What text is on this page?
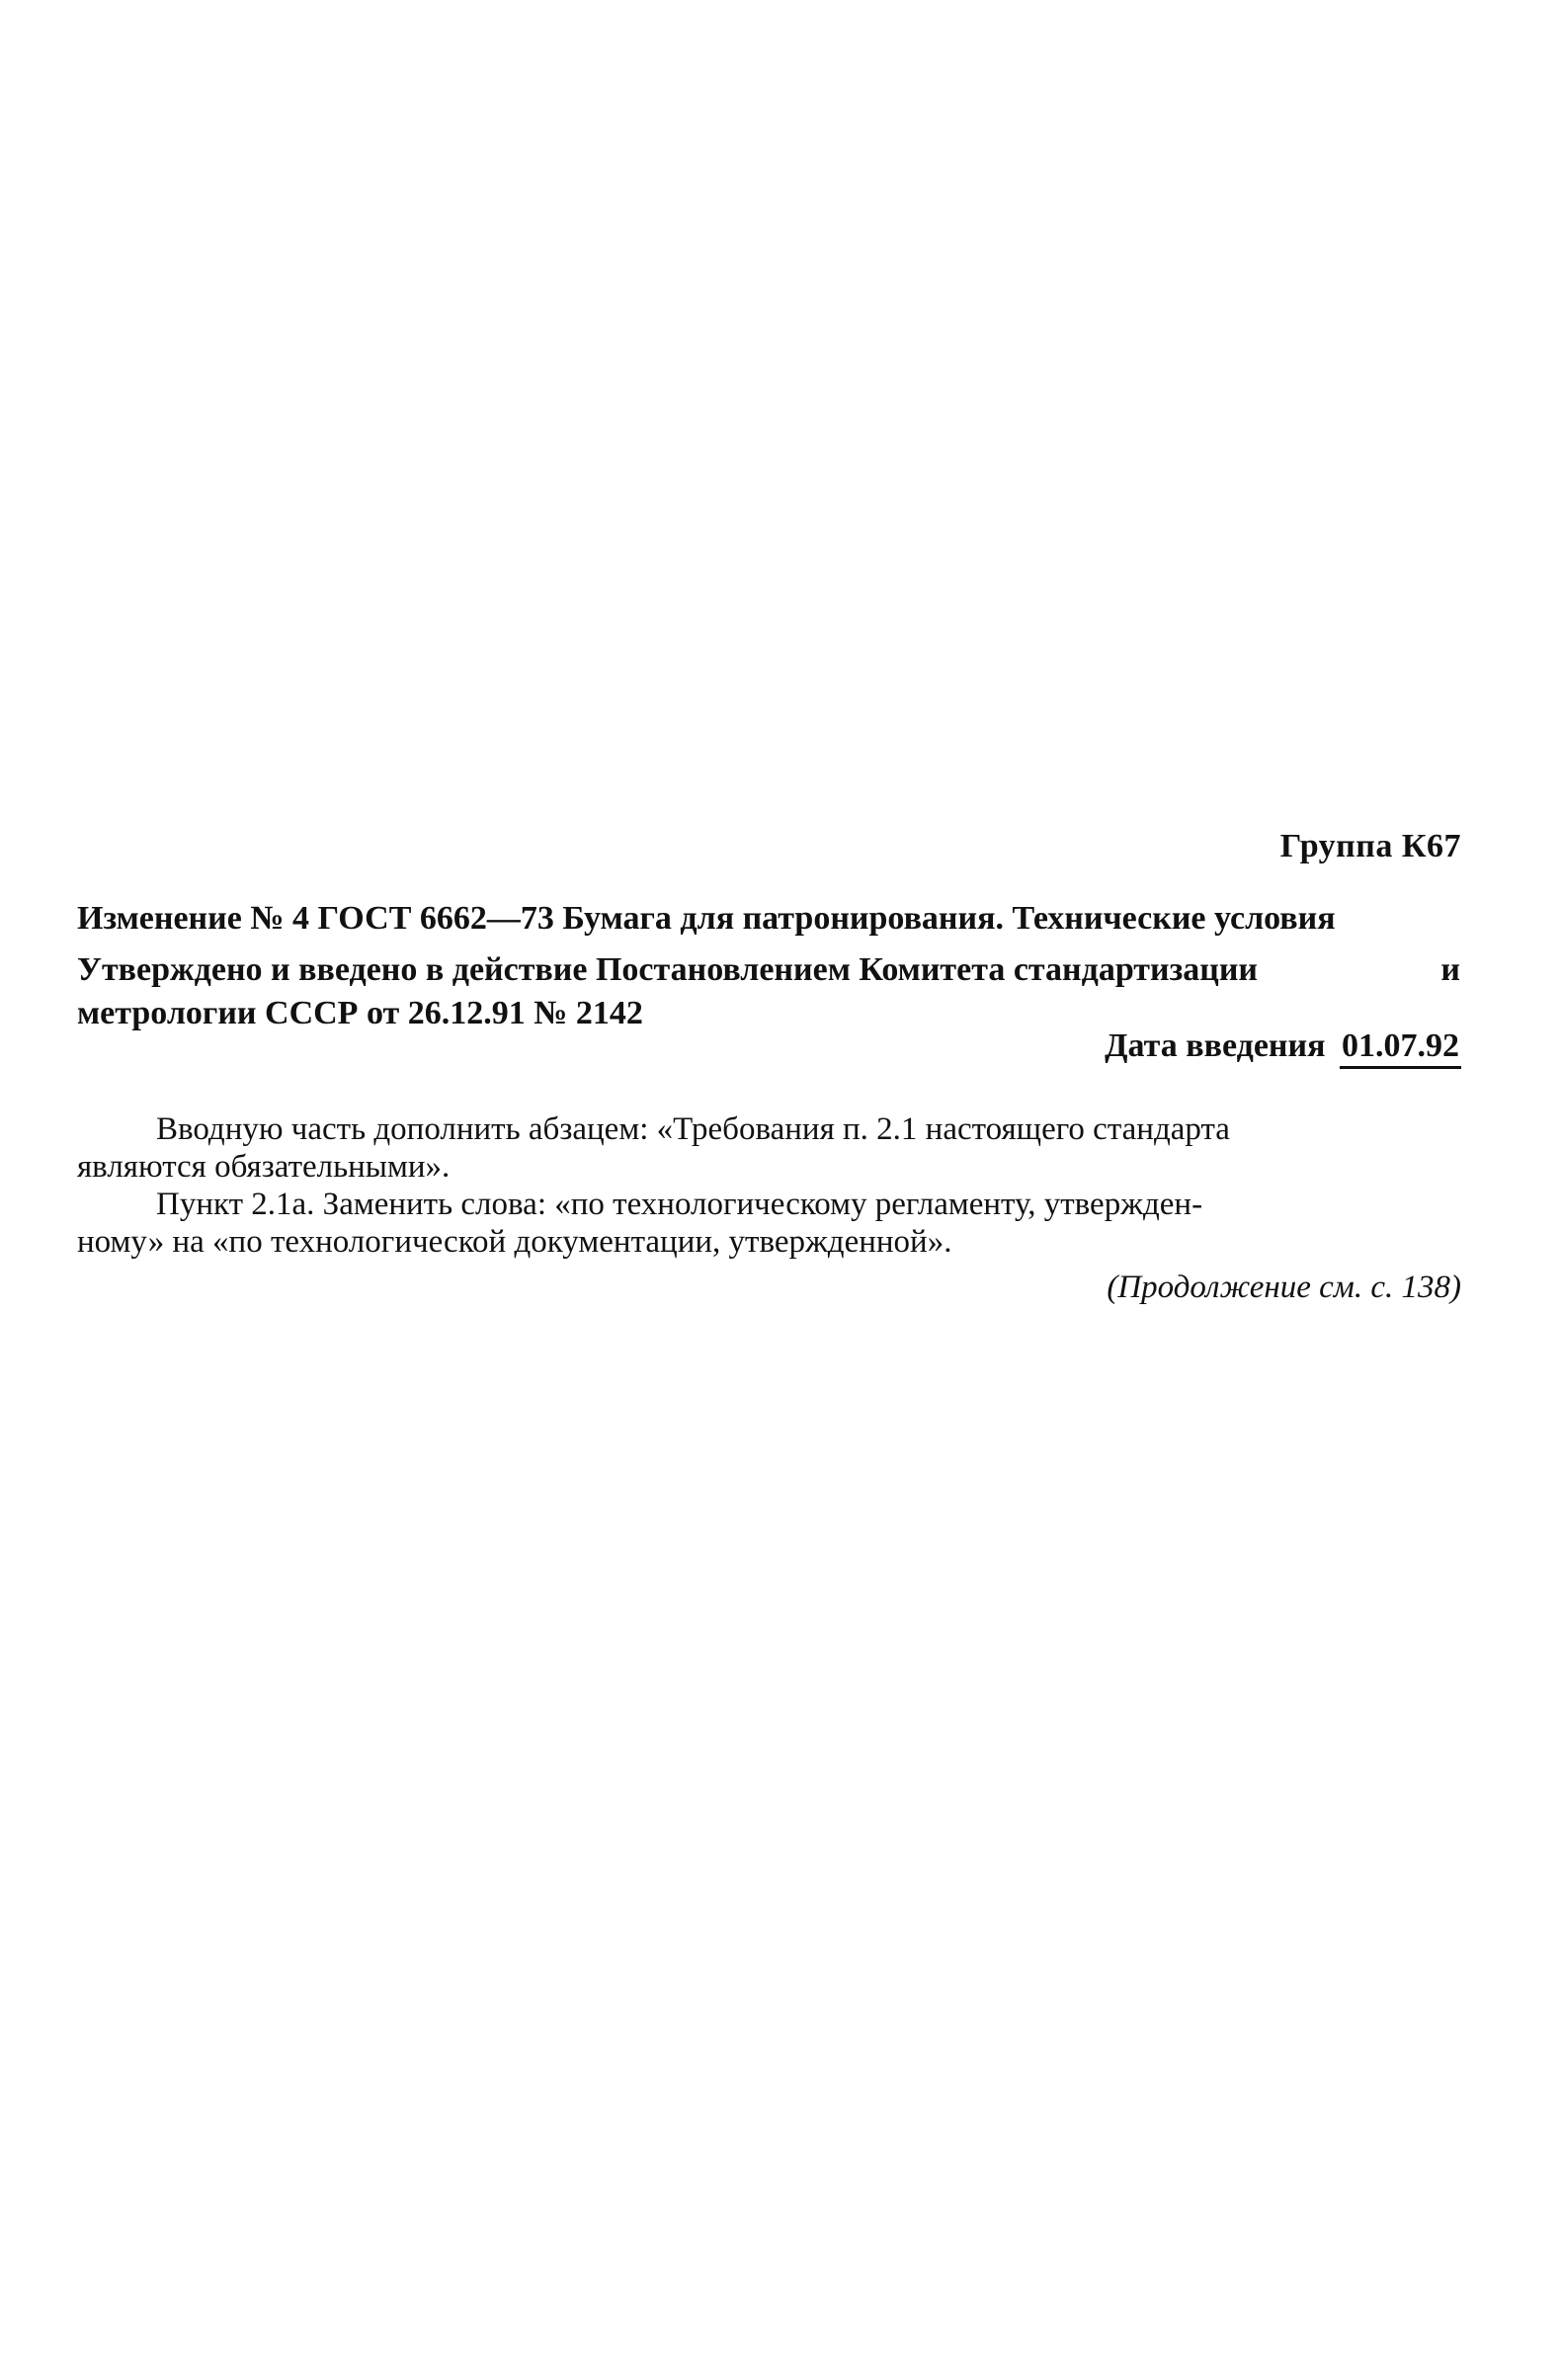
Группа К67
Изменение № 4 ГОСТ 6662—73 Бумага для патронирования. Технические условия
Утверждено и введено в действие Постановлением Комитета стандартизации	и
метрологии СССР от 26.12.91 № 2142
Дата введения 01.07.92
Вводную часть дополнить абзацем: «Требования п. 2.1 настоящего стандарта
являются обязательными».
Пункт 2.1а. Заменить слова: «по технологическому регламенту, утвержден-
ному» на «по технологической документации, утвержденной».
(Продолжение см. с. 138)
